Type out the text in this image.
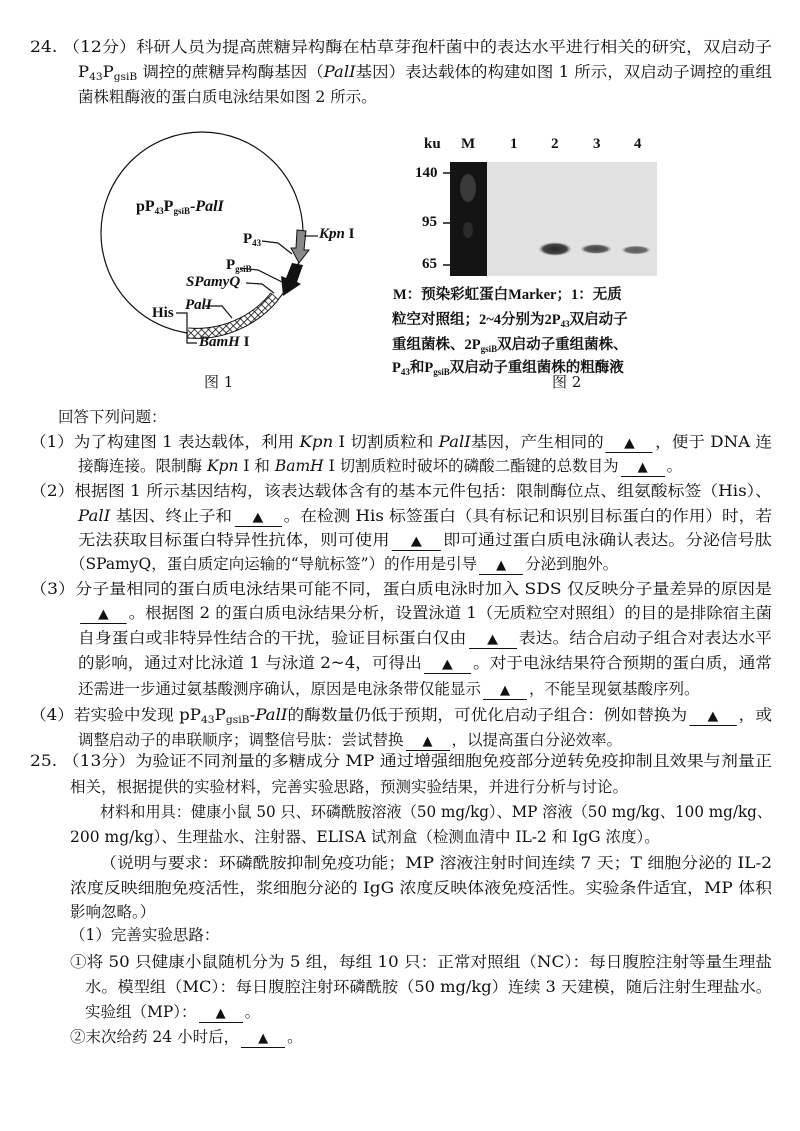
24. （12分）科研人员为提高蔗糖异构酶在枯草芽孢杆菌中的表达水平进行相关的研究，双启动子
$P_{43}P_{gsiB}$ 调控的蔗糖异构酶基因（PalI基因）表达载体的构建如图 1 所示，双启动子调控的重组
菌株粗酶液的蛋白质电泳结果如图 2 所示。
回答下列问题：
（1）为了构建图 1 表达载体，利用 Kpn I 切割质粒和 PalI基因，产生相同的 ▲ ，便于 DNA 连
接酶连接。限制酶 Kpn I 和 BamH I 切割质粒时破坏的磷酸二酯键的总数目为 ▲ 。
（2）根据图 1 所示基因结构，该表达载体含有的基本元件包括：限制酶位点、组氨酸标签（His）、
PalI 基因、终止子和 ▲ 。在检测 His 标签蛋白（具有标记和识别目标蛋白的作用）时，若
无法获取目标蛋白特异性抗体，则可使用 ▲ 即可通过蛋白质电泳确认表达。分泌信号肽
（SPamyQ，蛋白质定向运输的“导航标签”）的作用是引导 ▲ 分泌到胞外。
（3）分子量相同的蛋白质电泳结果可能不同，蛋白质电泳时加入 SDS 仅反映分子量差异的原因是
▲ 。根据图 2 的蛋白质电泳结果分析，设置泳道 1（无质粒空对照组）的目的是排除宿主菌
自身蛋白或非特异性结合的干扰，验证目标蛋白仅由 ▲ 表达。结合启动子组合对表达水平
的影响，通过对比泳道 1 与泳道 2~4，可得出 ▲ 。对于电泳结果符合预期的蛋白质，通常
还需进一步通过氨基酸测序确认，原因是电泳条带仅能显示 ▲ ，不能呈现氨基酸序列。
（4）若实验中发现 $pP_{43}P_{gsiB}$-PalI的酶数量仍低于预期，可优化启动子组合：例如替换为 ▲ ，或
调整启动子的串联顺序；调整信号肽：尝试替换 ▲ ，以提高蛋白分泌效率。
$pP_{43}P_{gsiB}$-PalI
Kpn I
$P_{43}$
$P_{gsiB}$
SPamyQ
PalI
His
BamH I
图 1
ku M 1 2 3 4
140
95
65
M：预染彩虹蛋白Marker；1：无质
粒空对照组；2~4分别为$2P_{43}$双启动子
重组菌株、$2P_{gsiB}$双启动子重组菌株、
$P_{43}$和$P_{gsiB}$双启动子重组菌株的粗酶液
图 2
25. （13分）为验证不同剂量的多糖成分 MP 通过增强细胞免疫部分逆转免疫抑制且效果与剂量正
相关，根据提供的实验材料，完善实验思路，预测实验结果，并进行分析与讨论。
材料和用具：健康小鼠 50 只、环磷酰胺溶液（50 mg/kg）、MP 溶液（50 mg/kg、100 mg/kg、
200 mg/kg）、生理盐水、注射器、ELISA 试剂盒（检测血清中 IL-2 和 IgG 浓度）。
（说明与要求：环磷酰胺抑制免疫功能；MP 溶液注射时间连续 7 天；T 细胞分泌的 IL-2
浓度反映细胞免疫活性，浆细胞分泌的 IgG 浓度反映体液免疫活性。实验条件适宜，MP 体积
影响忽略。）
（1）完善实验思路：
①将 50 只健康小鼠随机分为 5 组，每组 10 只：正常对照组（NC）：每日腹腔注射等量生理盐
水。模型组（MC）：每日腹腔注射环磷酰胺（50 mg/kg）连续 3 天建模，随后注射生理盐水。
实验组（MP）： ▲ 。
②末次给药 24 小时后， ▲ 。
